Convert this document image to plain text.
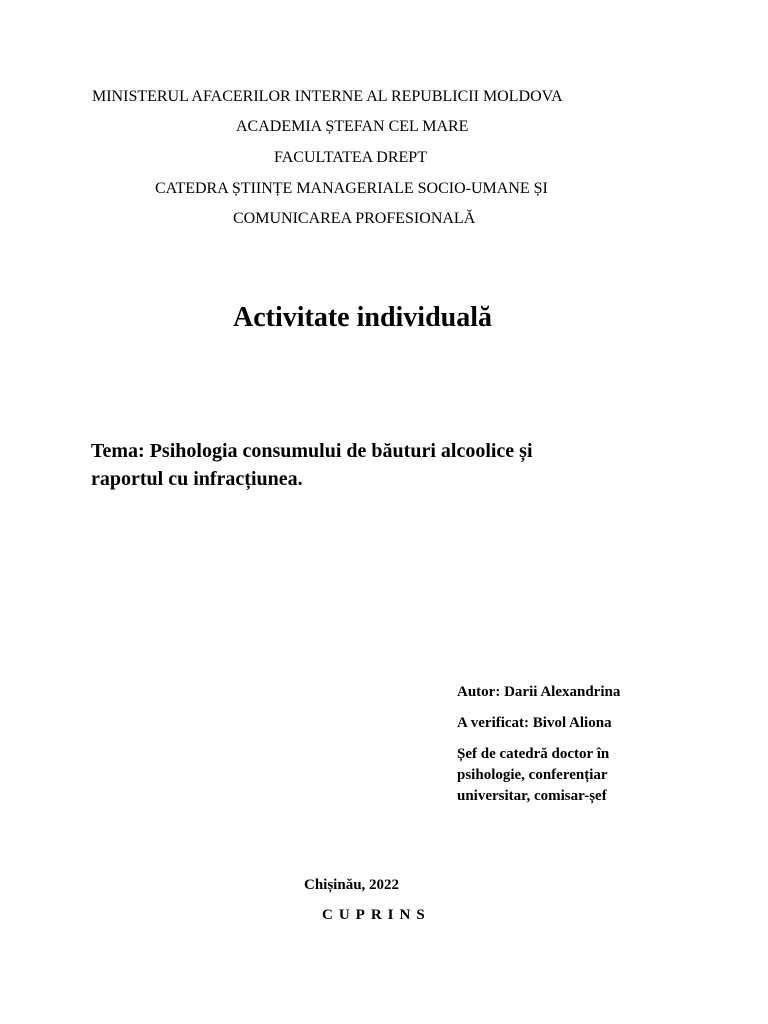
MINISTERUL AFACERILOR INTERNE AL REPUBLICII MOLDOVA
ACADEMIA ȘTEFAN CEL MARE
FACULTATEA DREPT
CATEDRA ȘTIINȚE MANAGERIALE SOCIO-UMANE ȘI
COMUNICAREA PROFESIONALĂ
Activitate individuală
Tema: Psihologia consumului de băuturi alcoolice și
raportul cu infracțiunea.
Autor: Darii Alexandrina
A verificat: Bivol Aliona
Șef de catedră doctor în
psihologie, conferențiar
universitar, comisar-șef
Chișinău, 2022
CUPRINS
